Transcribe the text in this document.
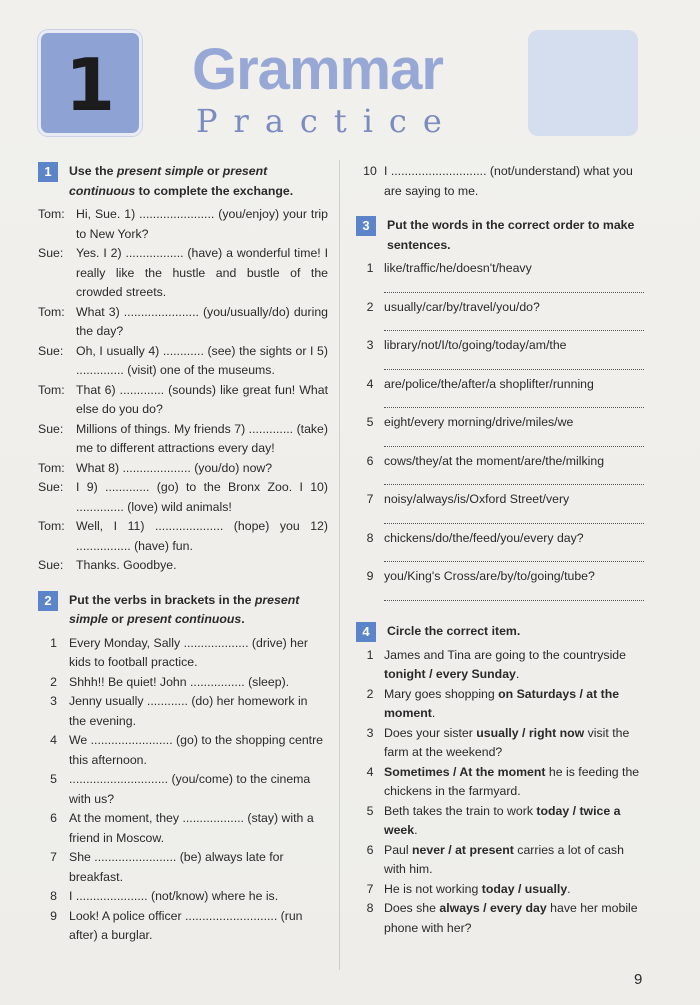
1	Grammar
Practice
1	Use the present simple or present continuous to complete the exchange.
Tom: Hi, Sue. 1) ...................... (you/enjoy) your trip to New York?
Sue:	Yes. I 2) ................. (have) a wonderful time! I really like the hustle and bustle of the crowded streets.
Tom: What 3) ...................... (you/usually/do) during the day?
Sue:	Oh, I usually 4) ............ (see) the sights or I 5) .............. (visit) one of the museums.
Tom: That 6) ............. (sounds) like great fun! What else do you do?
Sue:	Millions of things. My friends 7) ............. (take) me to different attractions every day!
Tom: What 8) .................... (you/do) now?
Sue:	I 9) ............. (go) to the Bronx Zoo. I 10) .............. (love) wild animals!
Tom: Well, I 11) .................... (hope) you 12) ................ (have) fun.
Sue:	Thanks. Goodbye.
2	Put the verbs in brackets in the present simple or present continuous.
1 Every Monday, Sally ................... (drive) her kids to football practice.
2 Shhh!! Be quiet! John ................ (sleep).
3 Jenny usually ............ (do) her homework in the evening.
4 We ........................ (go) to the shopping centre this afternoon.
5 ............................. (you/come) to the cinema with us?
6 At the moment, they .................. (stay) with a friend in Moscow.
7 She ........................ (be) always late for breakfast.
8 I ..................... (not/know) where he is.
9 Look! A police officer ........................... (run after) a burglar.
10 I ............................ (not/understand) what you are saying to me.
3	Put the words in the correct order to make sentences.
1 like/traffic/he/doesn't/heavy
2 usually/car/by/travel/you/do?
3 library/not/I/to/going/today/am/the
4 are/police/the/after/a shoplifter/running
5 eight/every morning/drive/miles/we
6 cows/they/at the moment/are/the/milking
7 noisy/always/is/Oxford Street/very
8 chickens/do/the/feed/you/every day?
9 you/King's Cross/are/by/to/going/tube?
4	Circle the correct item.
1 James and Tina are going to the countryside tonight / every Sunday.
2 Mary goes shopping on Saturdays / at the moment.
3 Does your sister usually / right now visit the farm at the weekend?
4 Sometimes / At the moment he is feeding the chickens in the farmyard.
5 Beth takes the train to work today / twice a week.
6 Paul never / at present carries a lot of cash with him.
7 He is not working today / usually.
8 Does she always / every day have her mobile phone with her?
9
